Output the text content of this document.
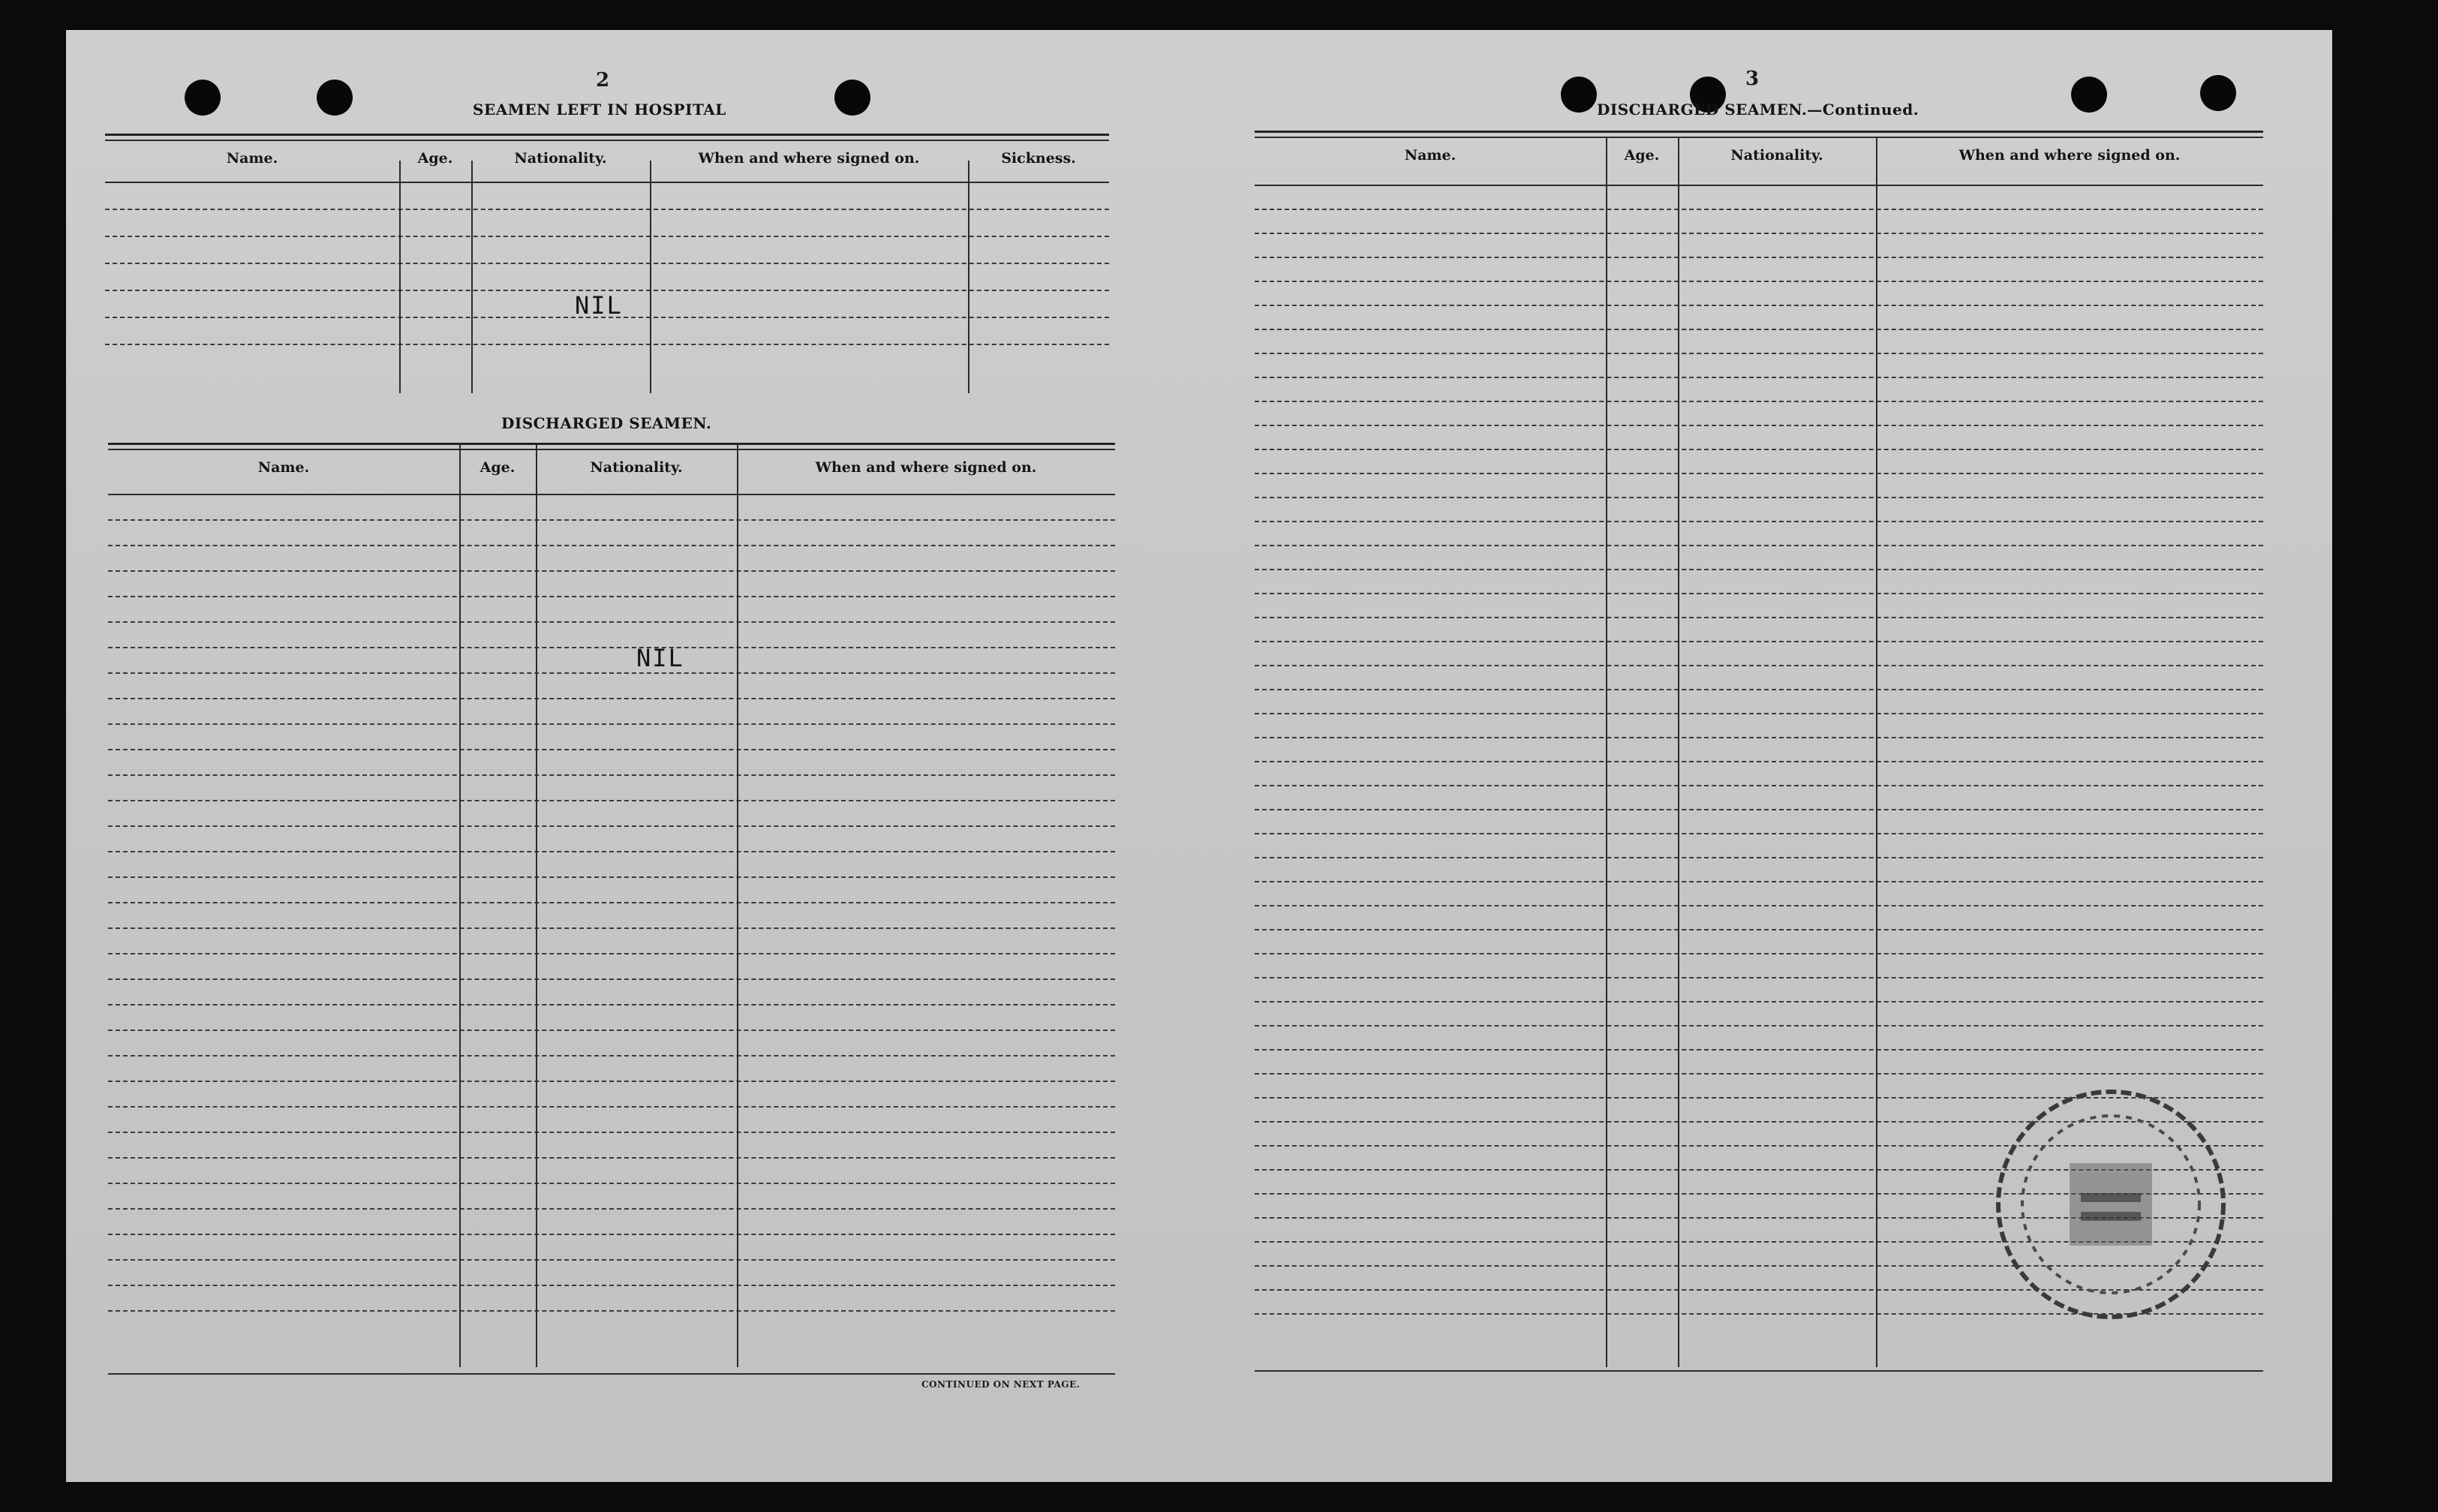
2
SEAMEN LEFT IN HOSPITAL
Name.	Age.	Nationality.	When and where signed on.	Sickness.
NIL
DISCHARGED SEAMEN.
Name.	Age.	Nationality.	When and where signed on.
NIL
CONTINUED ON NEXT PAGE.
3
DISCHARGED SEAMEN.—Continued.
Name.	Age.	Nationality.	When and where signed on.
